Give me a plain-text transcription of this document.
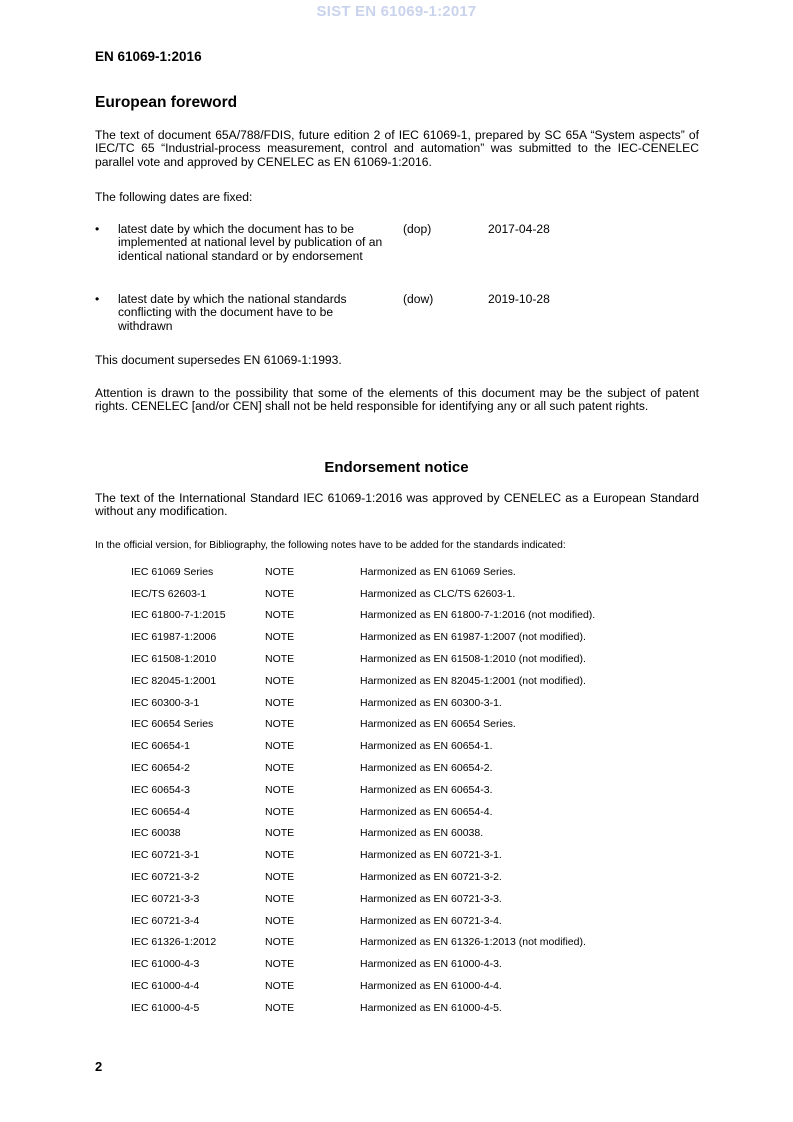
SIST EN 61069-1:2017
EN 61069-1:2016
European foreword

The text of document 65A/788/FDIS, future edition 2 of IEC 61069-1, prepared by SC 65A “System aspects” of IEC/TC 65 “Industrial-process measurement, control and automation” was submitted to the IEC-CENELEC parallel vote and approved by CENELEC as EN 61069-1:2016.

The following dates are fixed:

• latest date by which the document has to be implemented at national level by publication of an identical national standard or by endorsement
(dop)	2017-04-28
• latest date by which the national standards conflicting with the document have to be withdrawn
(dow)	2019-10-28

This document supersedes EN 61069-1:1993.

Attention is drawn to the possibility that some of the elements of this document may be the subject of patent rights. CENELEC [and/or CEN] shall not be held responsible for identifying any or all such patent rights.

Endorsement notice

The text of the International Standard IEC 61069-1:2016 was approved by CENELEC as a European Standard without any modification.

In the official version, for Bibliography, the following notes have to be added for the standards indicated:
IEC 61069 Series	NOTE	Harmonized as EN 61069 Series.
IEC/TS 62603-1	NOTE	Harmonized as CLC/TS 62603-1.
IEC 61800-7-1:2015	NOTE	Harmonized as EN 61800-7-1:2016 (not modified).
IEC 61987-1:2006	NOTE	Harmonized as EN 61987-1:2007 (not modified).
IEC 61508-1:2010	NOTE	Harmonized as EN 61508-1:2010 (not modified).
IEC 82045-1:2001	NOTE	Harmonized as EN 82045-1:2001 (not modified).
IEC 60300-3-1	NOTE	Harmonized as EN 60300-3-1.
IEC 60654 Series	NOTE	Harmonized as EN 60654 Series.
IEC 60654-1	NOTE	Harmonized as EN 60654-1.
IEC 60654-2	NOTE	Harmonized as EN 60654-2.
IEC 60654-3	NOTE	Harmonized as EN 60654-3.
IEC 60654-4	NOTE	Harmonized as EN 60654-4.
IEC 60038	NOTE	Harmonized as EN 60038.
IEC 60721-3-1	NOTE	Harmonized as EN 60721-3-1.
IEC 60721-3-2	NOTE	Harmonized as EN 60721-3-2.
IEC 60721-3-3	NOTE	Harmonized as EN 60721-3-3.
IEC 60721-3-4	NOTE	Harmonized as EN 60721-3-4.
IEC 61326-1:2012	NOTE	Harmonized as EN 61326-1:2013 (not modified).
IEC 61000-4-3	NOTE	Harmonized as EN 61000-4-3.
IEC 61000-4-4	NOTE	Harmonized as EN 61000-4-4.
IEC 61000-4-5	NOTE	Harmonized as EN 61000-4-5.
2
